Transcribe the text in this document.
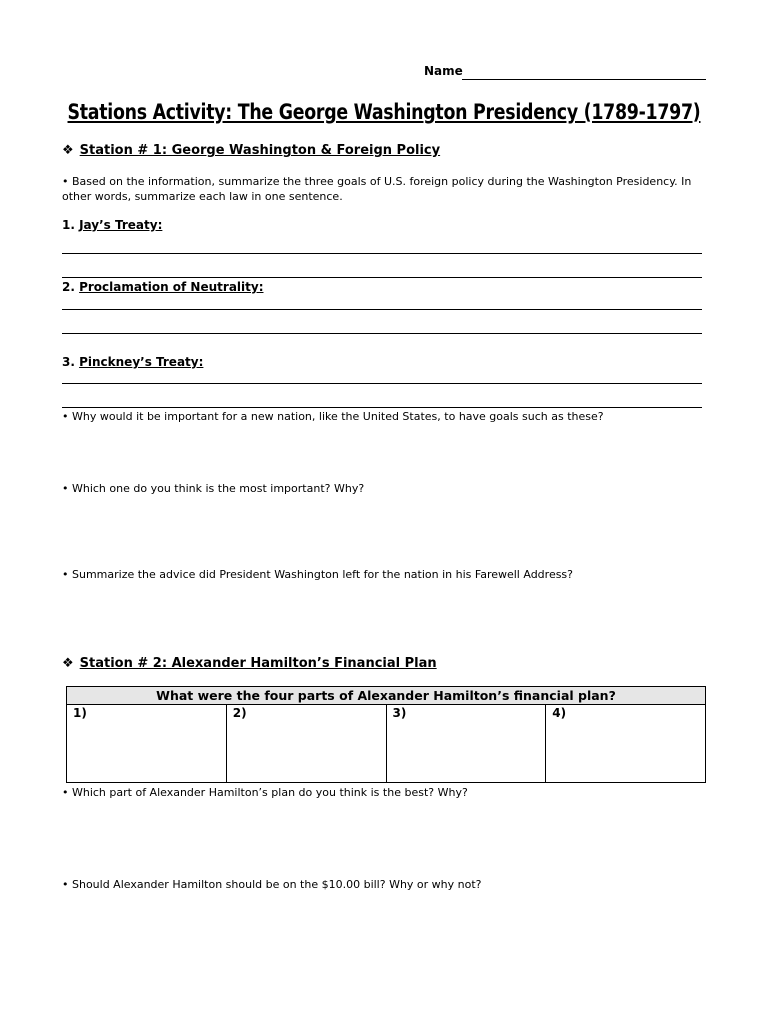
Name
Stations Activity: The George Washington Presidency (1789-1797)
❖ Station # 1: George Washington & Foreign Policy
• Based on the information, summarize the three goals of U.S. foreign policy during the Washington Presidency. In other words, summarize each law in one sentence.
1. Jay’s Treaty:
2. Proclamation of Neutrality:
3. Pinckney’s Treaty:
• Why would it be important for a new nation, like the United States, to have goals such as these?
• Which one do you think is the most important? Why?
• Summarize the advice did President Washington left for the nation in his Farewell Address?
❖ Station # 2: Alexander Hamilton’s Financial Plan
What were the four parts of Alexander Hamilton’s financial plan?
1)	2)	3)	4)
• Which part of Alexander Hamilton’s plan do you think is the best? Why?
• Should Alexander Hamilton should be on the $10.00 bill? Why or why not?
